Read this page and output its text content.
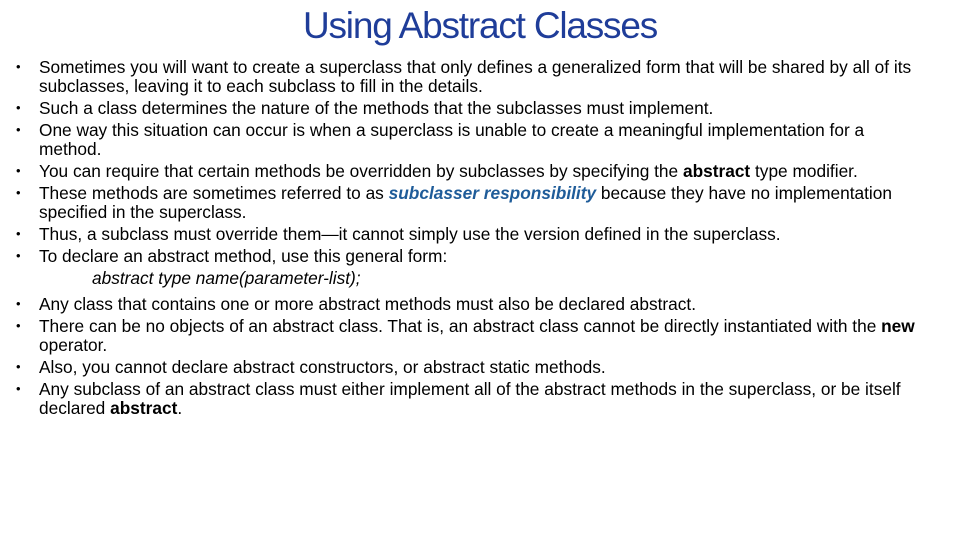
Using Abstract Classes
•	Sometimes you will want to create a superclass that only defines a generalized form that will be shared by all of its subclasses, leaving it to each subclass to fill in the details.
•	Such a class determines the nature of the methods that the subclasses must implement.
•	One way this situation can occur is when a superclass is unable to create a meaningful implementation for a method.
•	You can require that certain methods be overridden by subclasses by specifying the abstract type modifier.
•	These methods are sometimes referred to as subclasser responsibility because they have no implementation specified in the superclass.
•	Thus, a subclass must override them—it cannot simply use the version defined in the superclass.
•	To declare an abstract method, use this general form:
abstract type name(parameter-list);
•	Any class that contains one or more abstract methods must also be declared abstract.
•	There can be no objects of an abstract class. That is, an abstract class cannot be directly instantiated with the new operator.
•	Also, you cannot declare abstract constructors, or abstract static methods.
•	Any subclass of an abstract class must either implement all of the abstract methods in the superclass, or be itself declared abstract.
